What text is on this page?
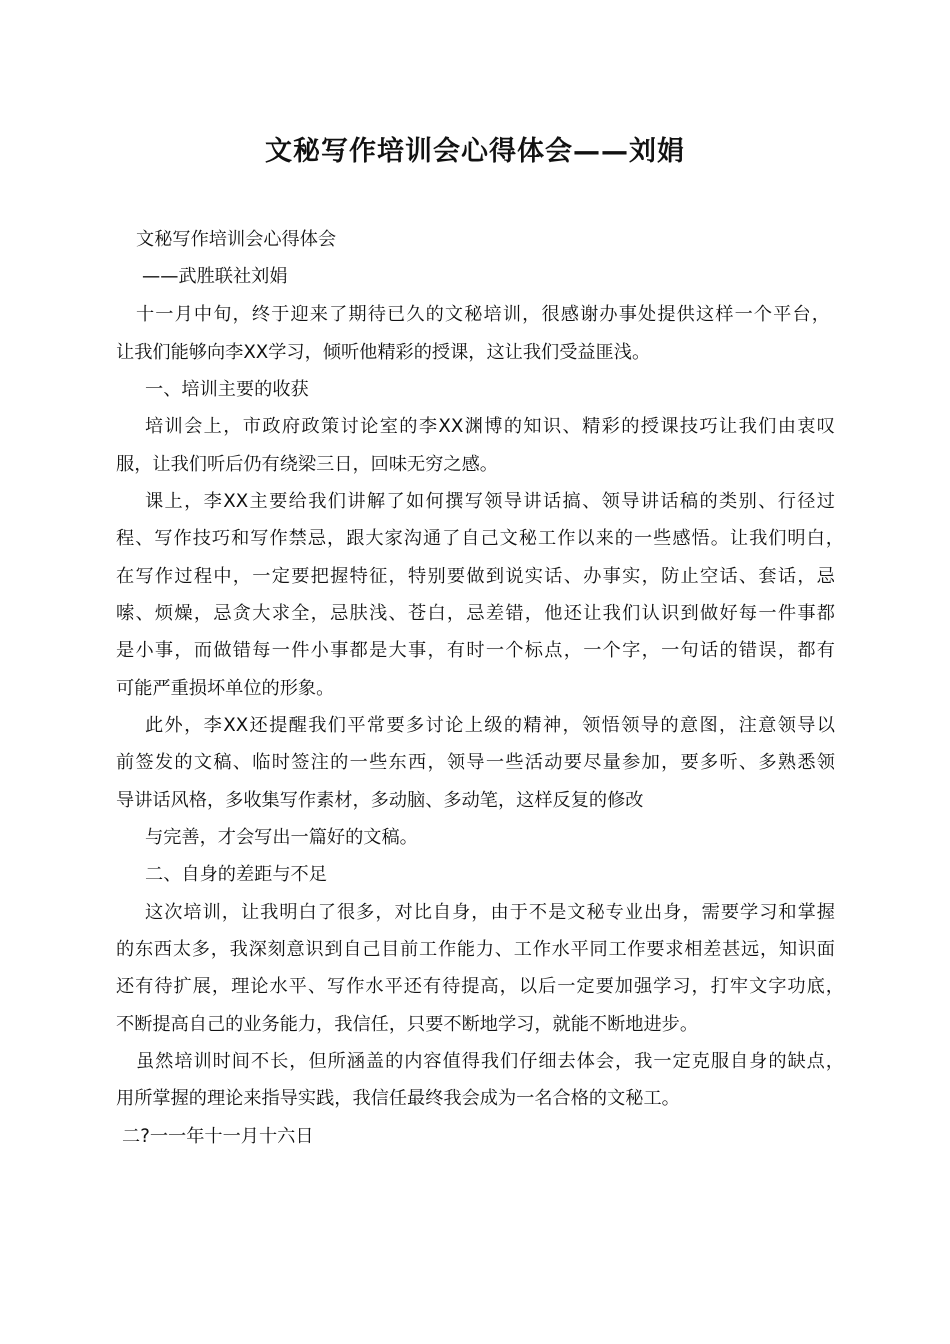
文秘写作培训会心得体会——刘娟
文秘写作培训会心得体会
——武胜联社刘娟
十一月中旬，终于迎来了期待已久的文秘培训，很感谢办事处提供这样一个平台，
让我们能够向李XX学习，倾听他精彩的授课，这让我们受益匪浅。
一、培训主要的收获
培训会上，市政府政策讨论室的李XX渊博的知识、精彩的授课技巧让我们由衷叹
服，让我们听后仍有绕梁三日，回味无穷之感。
课上，李XX主要给我们讲解了如何撰写领导讲话搞、领导讲话稿的类别、行径过
程、写作技巧和写作禁忌，跟大家沟通了自己文秘工作以来的一些感悟。让我们明白，
在写作过程中，一定要把握特征，特别要做到说实话、办事实，防止空话、套话，忌
嗦、烦燥，忌贪大求全，忌肤浅、苍白，忌差错，他还让我们认识到做好每一件事都
是小事，而做错每一件小事都是大事，有时一个标点，一个字，一句话的错误，都有
可能严重损坏单位的形象。
此外，李XX还提醒我们平常要多讨论上级的精神，领悟领导的意图，注意领导以
前签发的文稿、临时签注的一些东西，领导一些活动要尽量参加，要多听、多熟悉领
导讲话风格，多收集写作素材，多动脑、多动笔，这样反复的修改
与完善，才会写出一篇好的文稿。
二、自身的差距与不足
这次培训，让我明白了很多，对比自身，由于不是文秘专业出身，需要学习和掌握
的东西太多，我深刻意识到自己目前工作能力、工作水平同工作要求相差甚远，知识面
还有待扩展，理论水平、写作水平还有待提高，以后一定要加强学习，打牢文字功底，
不断提高自己的业务能力，我信任，只要不断地学习，就能不断地进步。
虽然培训时间不长，但所涵盖的内容值得我们仔细去体会，我一定克服自身的缺点，
用所掌握的理论来指导实践，我信任最终我会成为一名合格的文秘工。
二?一一年十一月十六日
